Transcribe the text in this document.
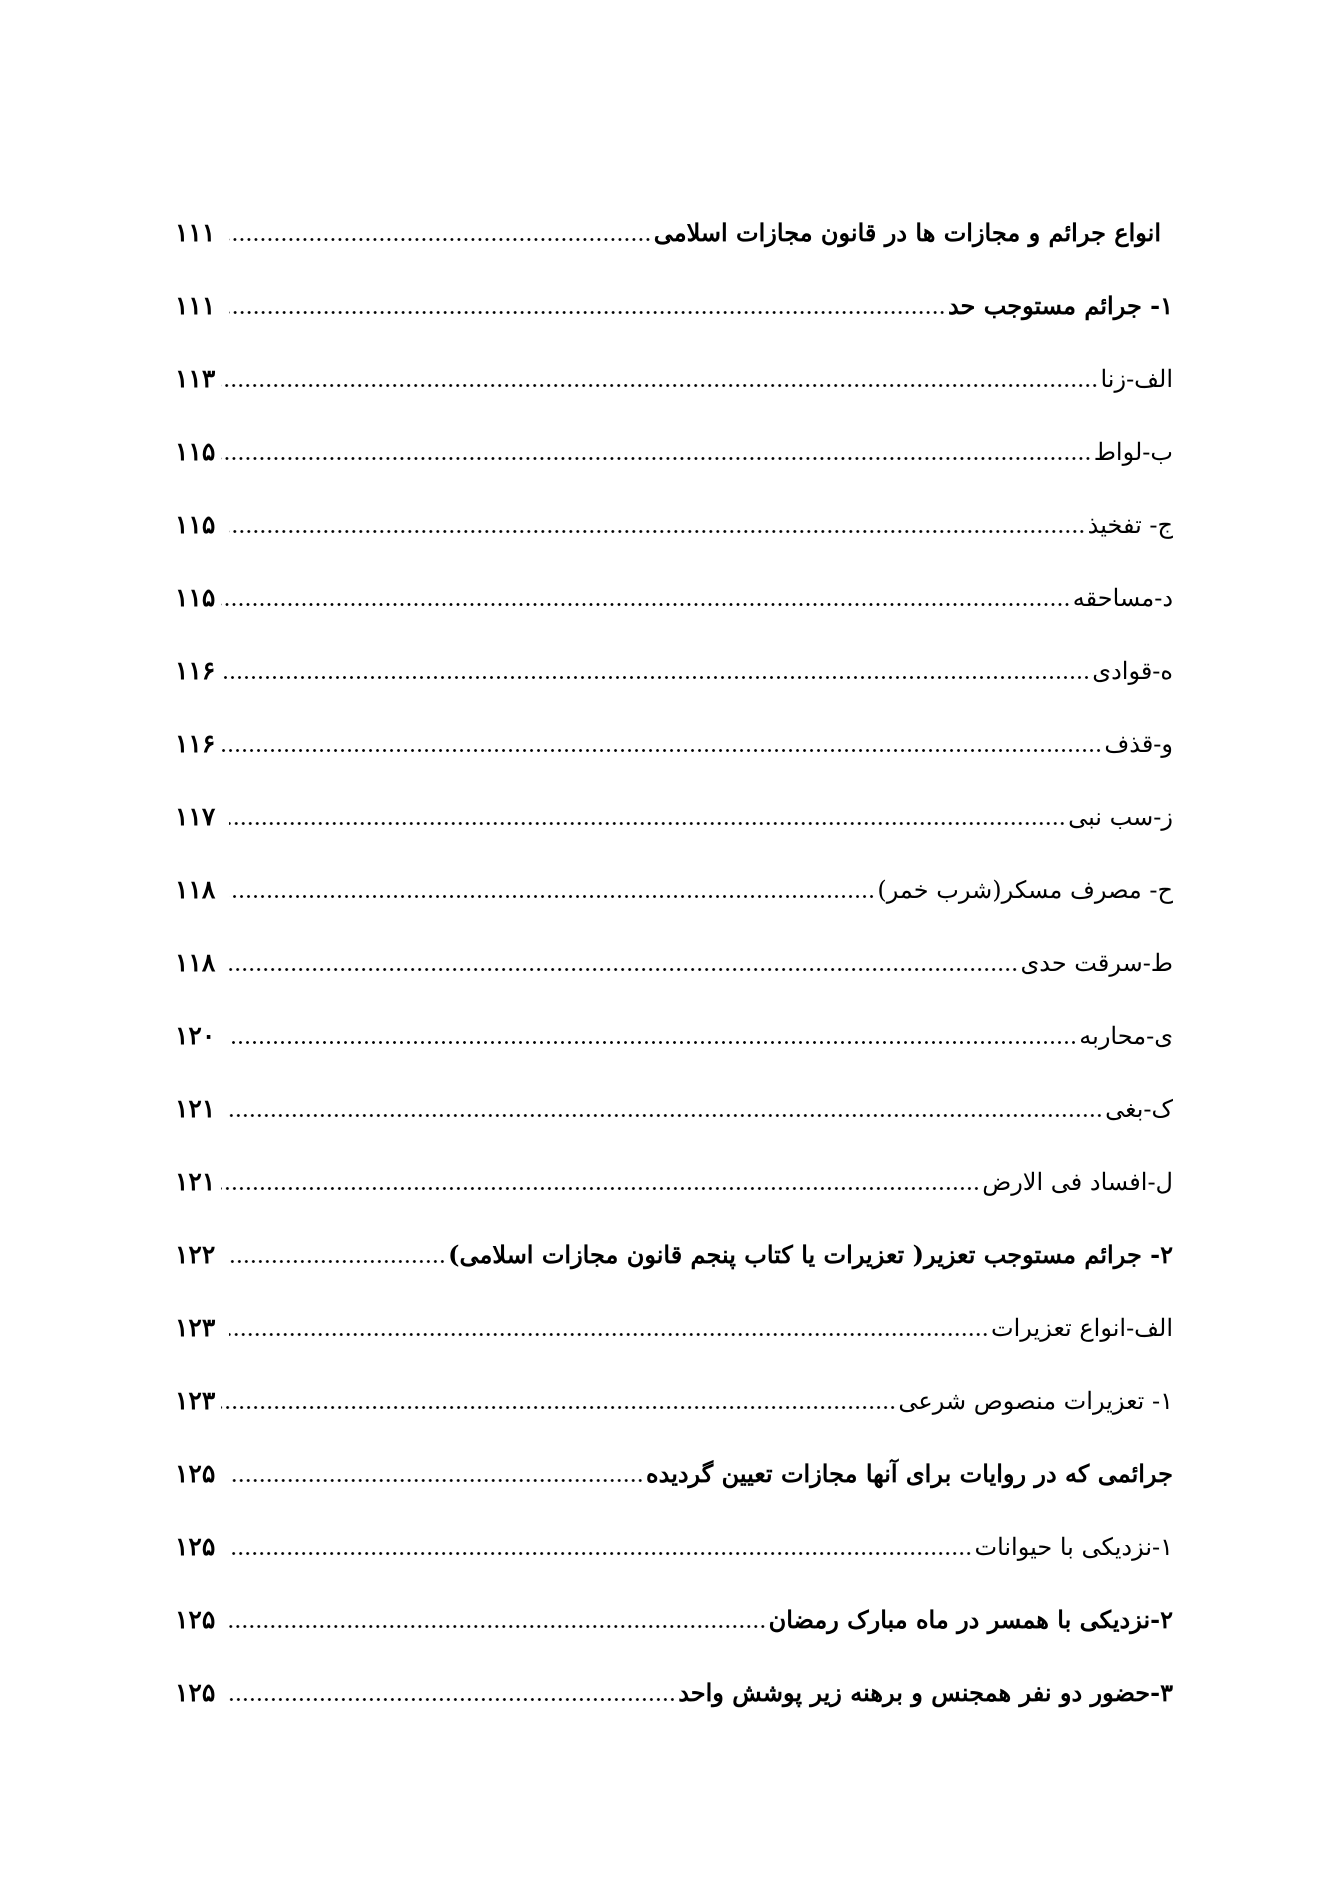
۱۱۱	انواع جرائم و مجازات ها در قانون مجازات اسلامی
۱۱۱	۱- جرائم مستوجب حد
۱۱۳	الف-زنا
۱۱۵	ب-لواط
۱۱۵	ج- تفخیذ
۱۱۵	د-مساحقه
۱۱۶	ه-قوادی
۱۱۶	و-قذف
۱۱۷	ز-سب نبی
۱۱۸	ح- مصرف مسکر(شرب خمر)
۱۱۸	ط-سرقت حدی
۱۲۰	ی-محاربه
۱۲۱	ک-بغی
۱۲۱	ل-افساد فی الارض
۱۲۲	۲- جرائم مستوجب تعزیر( تعزیرات یا کتاب پنجم قانون مجازات اسلامی)
۱۲۳	الف-انواع تعزیرات
۱۲۳	۱- تعزیرات منصوص شرعی
۱۲۵	جرائمی که در روایات برای آنها مجازات تعیین گردیده
۱۲۵	۱-نزدیکی با حیوانات
۱۲۵	۲-نزدیکی با همسر در ماه مبارک رمضان
۱۲۵	۳-حضور دو نفر همجنس و برهنه زیر پوشش واحد
